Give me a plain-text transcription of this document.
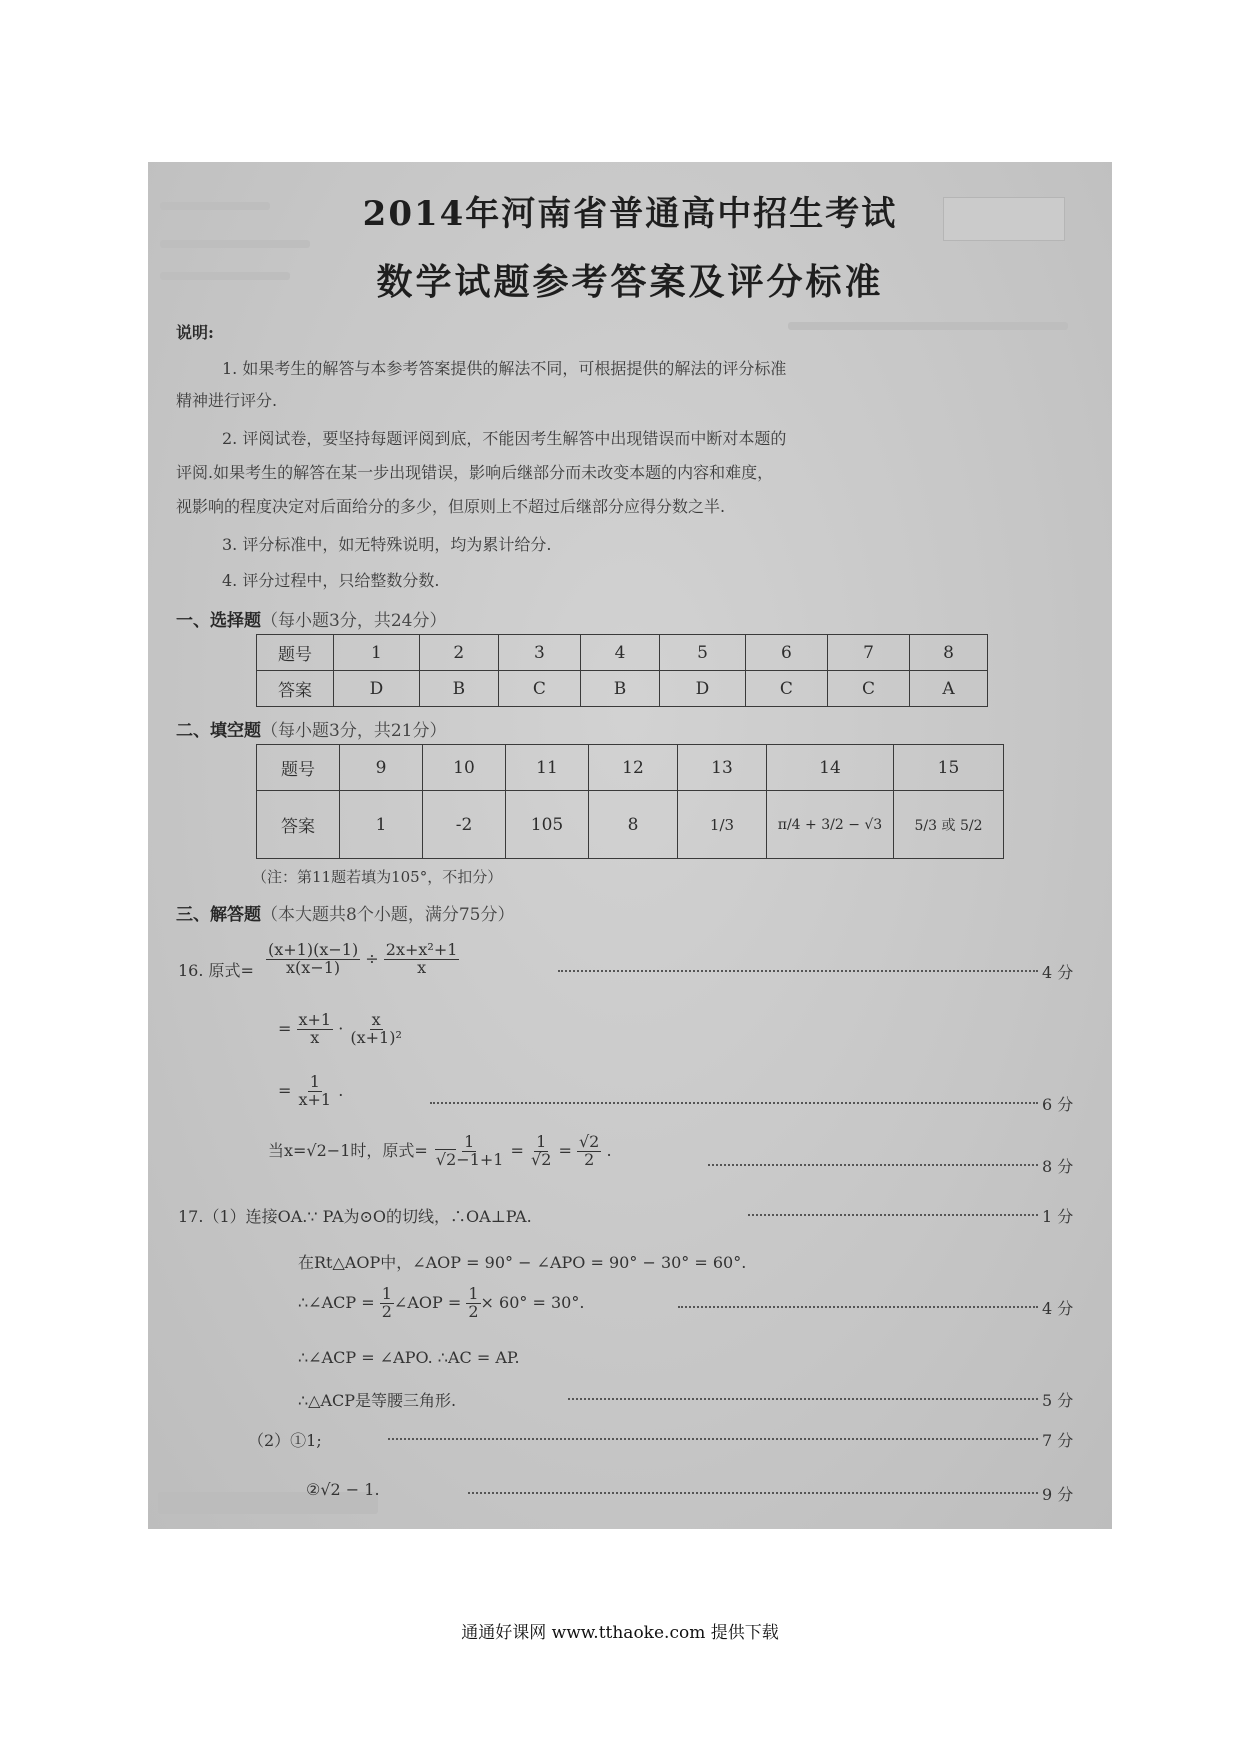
2014年河南省普通高中招生考试
数学试题参考答案及评分标准
说明:
1. 如果考生的解答与本参考答案提供的解法不同，可根据提供的解法的评分标准
精神进行评分.
2. 评阅试卷，要坚持每题评阅到底，不能因考生解答中出现错误而中断对本题的
评阅.如果考生的解答在某一步出现错误，影响后继部分而未改变本题的内容和难度，
视影响的程度决定对后面给分的多少，但原则上不超过后继部分应得分数之半.
3. 评分标准中，如无特殊说明，均为累计给分.
4. 评分过程中，只给整数分数.
一、选择题（每小题3分，共24分）
题号	1	2	3	4	5	6	7	8
答案	D	B	C	B	D	C	C	A
二、填空题（每小题3分，共21分）
题号	9	10	11	12	13	14	15
答案	1	-2	105	8	1/3	π/4 + 3/2 − √3	5/3 或 5/2
（注：第11题若填为105°，不扣分）
三、解答题（本大题共8个小题，满分75分）
16. 原式= $\frac{(x+1)(x-1)}{x(x-1)} \div \frac{\text{2x+x²+1}}{x}$	4 分
= $\frac{x+1}{x} \cdot \frac{x}{\text{(x+1)²}}$
= $\frac{1}{x+1}$ .
6 分
当x=√2−1时，原式= $\frac{1}{√2-1+1} = \frac{1}{√2} = \frac{√2}{2}$ .
8 分
17.（1）连接OA.∵ PA为⊙O的切线，∴OA⊥PA.	1 分
在Rt△AOP中，∠AOP = 90° − ∠APO = 90° − 30° = 60°.
∴∠ACP = $\frac{1}{2}$ ∠AOP = $\frac{1}{2} \times 60^\circ = 30^\circ$.	4 分
∴∠ACP = ∠APO. ∴AC = AP.
∴△ACP是等腰三角形.	5 分
（2）①1;	7 分
②√2 − 1.	9 分
通通好课网 www.tthaoke.com 提供下载
